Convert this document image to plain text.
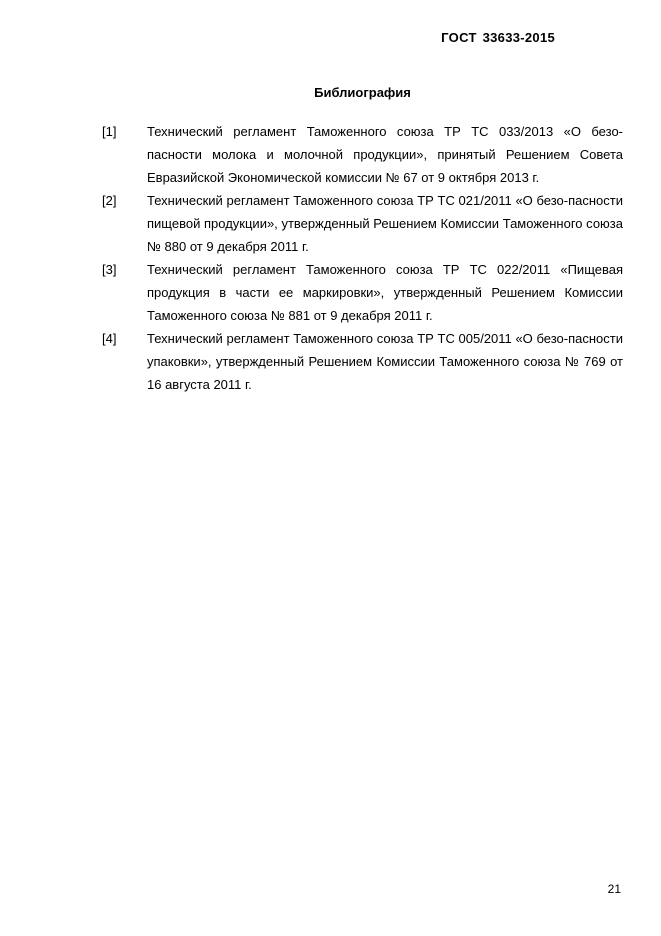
ГОСТ 33633-2015
Библиография
[1] Технический регламент Таможенного союза ТР ТС 033/2013 «О безо-пасности молока и молочной продукции», принятый Решением Совета Евразийской Экономической комиссии № 67 от 9 октября 2013 г.
[2] Технический регламент Таможенного союза ТР ТС 021/2011 «О безо-пасности пищевой продукции», утвержденный Решением Комиссии Таможенного союза № 880 от 9 декабря 2011 г.
[3] Технический регламент Таможенного союза ТР ТС 022/2011 «Пищевая продукция в части ее маркировки», утвержденный Решением Комиссии Таможенного союза № 881 от 9 декабря 2011 г.
[4] Технический регламент Таможенного союза ТР ТС 005/2011 «О безо-пасности упаковки», утвержденный Решением Комиссии Таможенного союза № 769 от 16 августа 2011 г.
21
